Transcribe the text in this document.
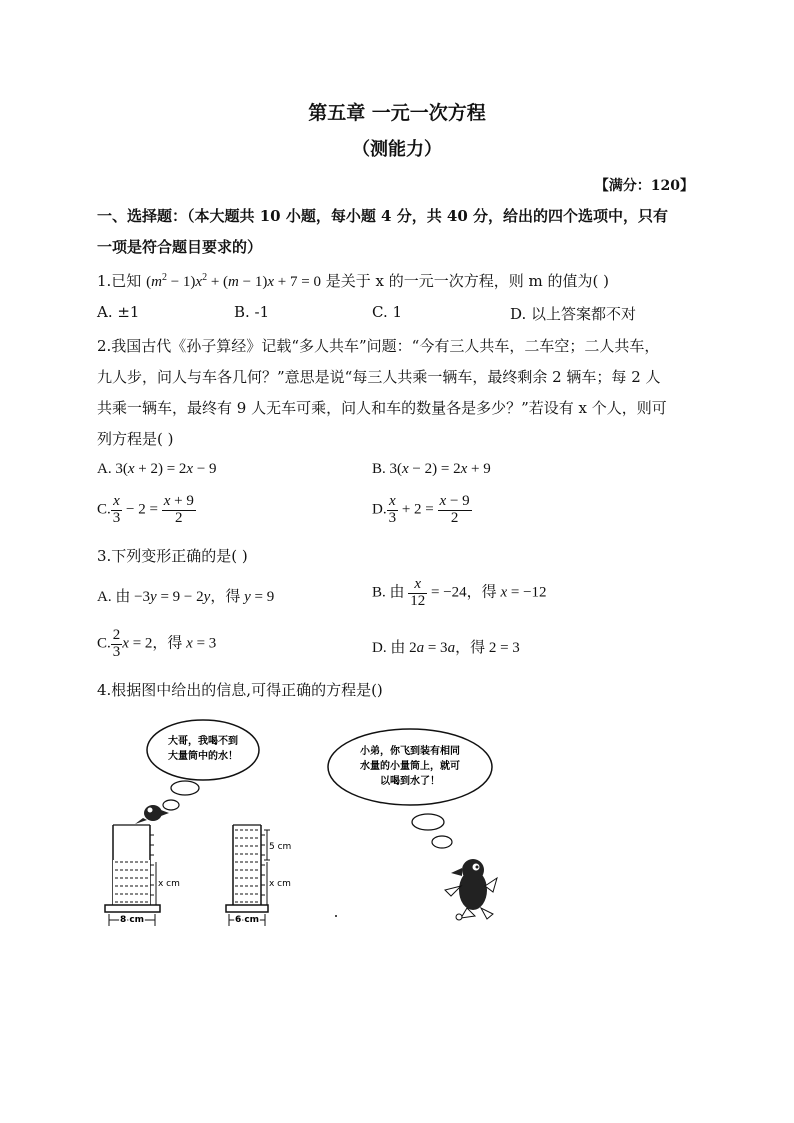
第五章 一元一次方程
（测能力）
【满分：120】
一、选择题：（本大题共 10 小题，每小题 4 分，共 40 分，给出的四个选项中，只有
一项是符合题目要求的）
1.已知 $(m^2 - 1)x^2 + (m - 1)x + 7 = 0$ 是关于 x 的一元一次方程，则 m 的值为( )
A. ±1	B. -1	C. 1	D. 以上答案都不对
2.我国古代《孙子算经》记载“多人共车”问题：“今有三人共车，二车空；二人共车，
九人步，问人与车各几何？”意思是说“每三人共乘一辆车，最终剩余 2 辆车；每 2 人
共乘一辆车，最终有 9 人无车可乘，问人和车的数量各是多少？”若设有 x 个人，则可
列方程是( )
A. 3(x + 2) = 2x − 9	B. 3(x − 2) = 2x + 9
C. $\frac{x}{3} - 2 = \frac{x + 9}{2}$	D. $\frac{x}{3} + 2 = \frac{x - 9}{2}$
3.下列变形正确的是( )
A. 由 −3y = 9 − 2y，得 y = 9	B. 由 $\frac{x}{12} = -24$，得 x = −12
C. $\frac{2}{3}$ x = 2，得 x = 3	D. 由 2a = 3a，得 2 = 3
4.根据图中给出的信息,可得正确的方程是()
大哥，我喝不到
大量筒中的水！
x cm
8 cm
5 cm
x cm
6 cm
小弟，你飞到装有相同
水量的小量筒上，就可
以喝到水了！
